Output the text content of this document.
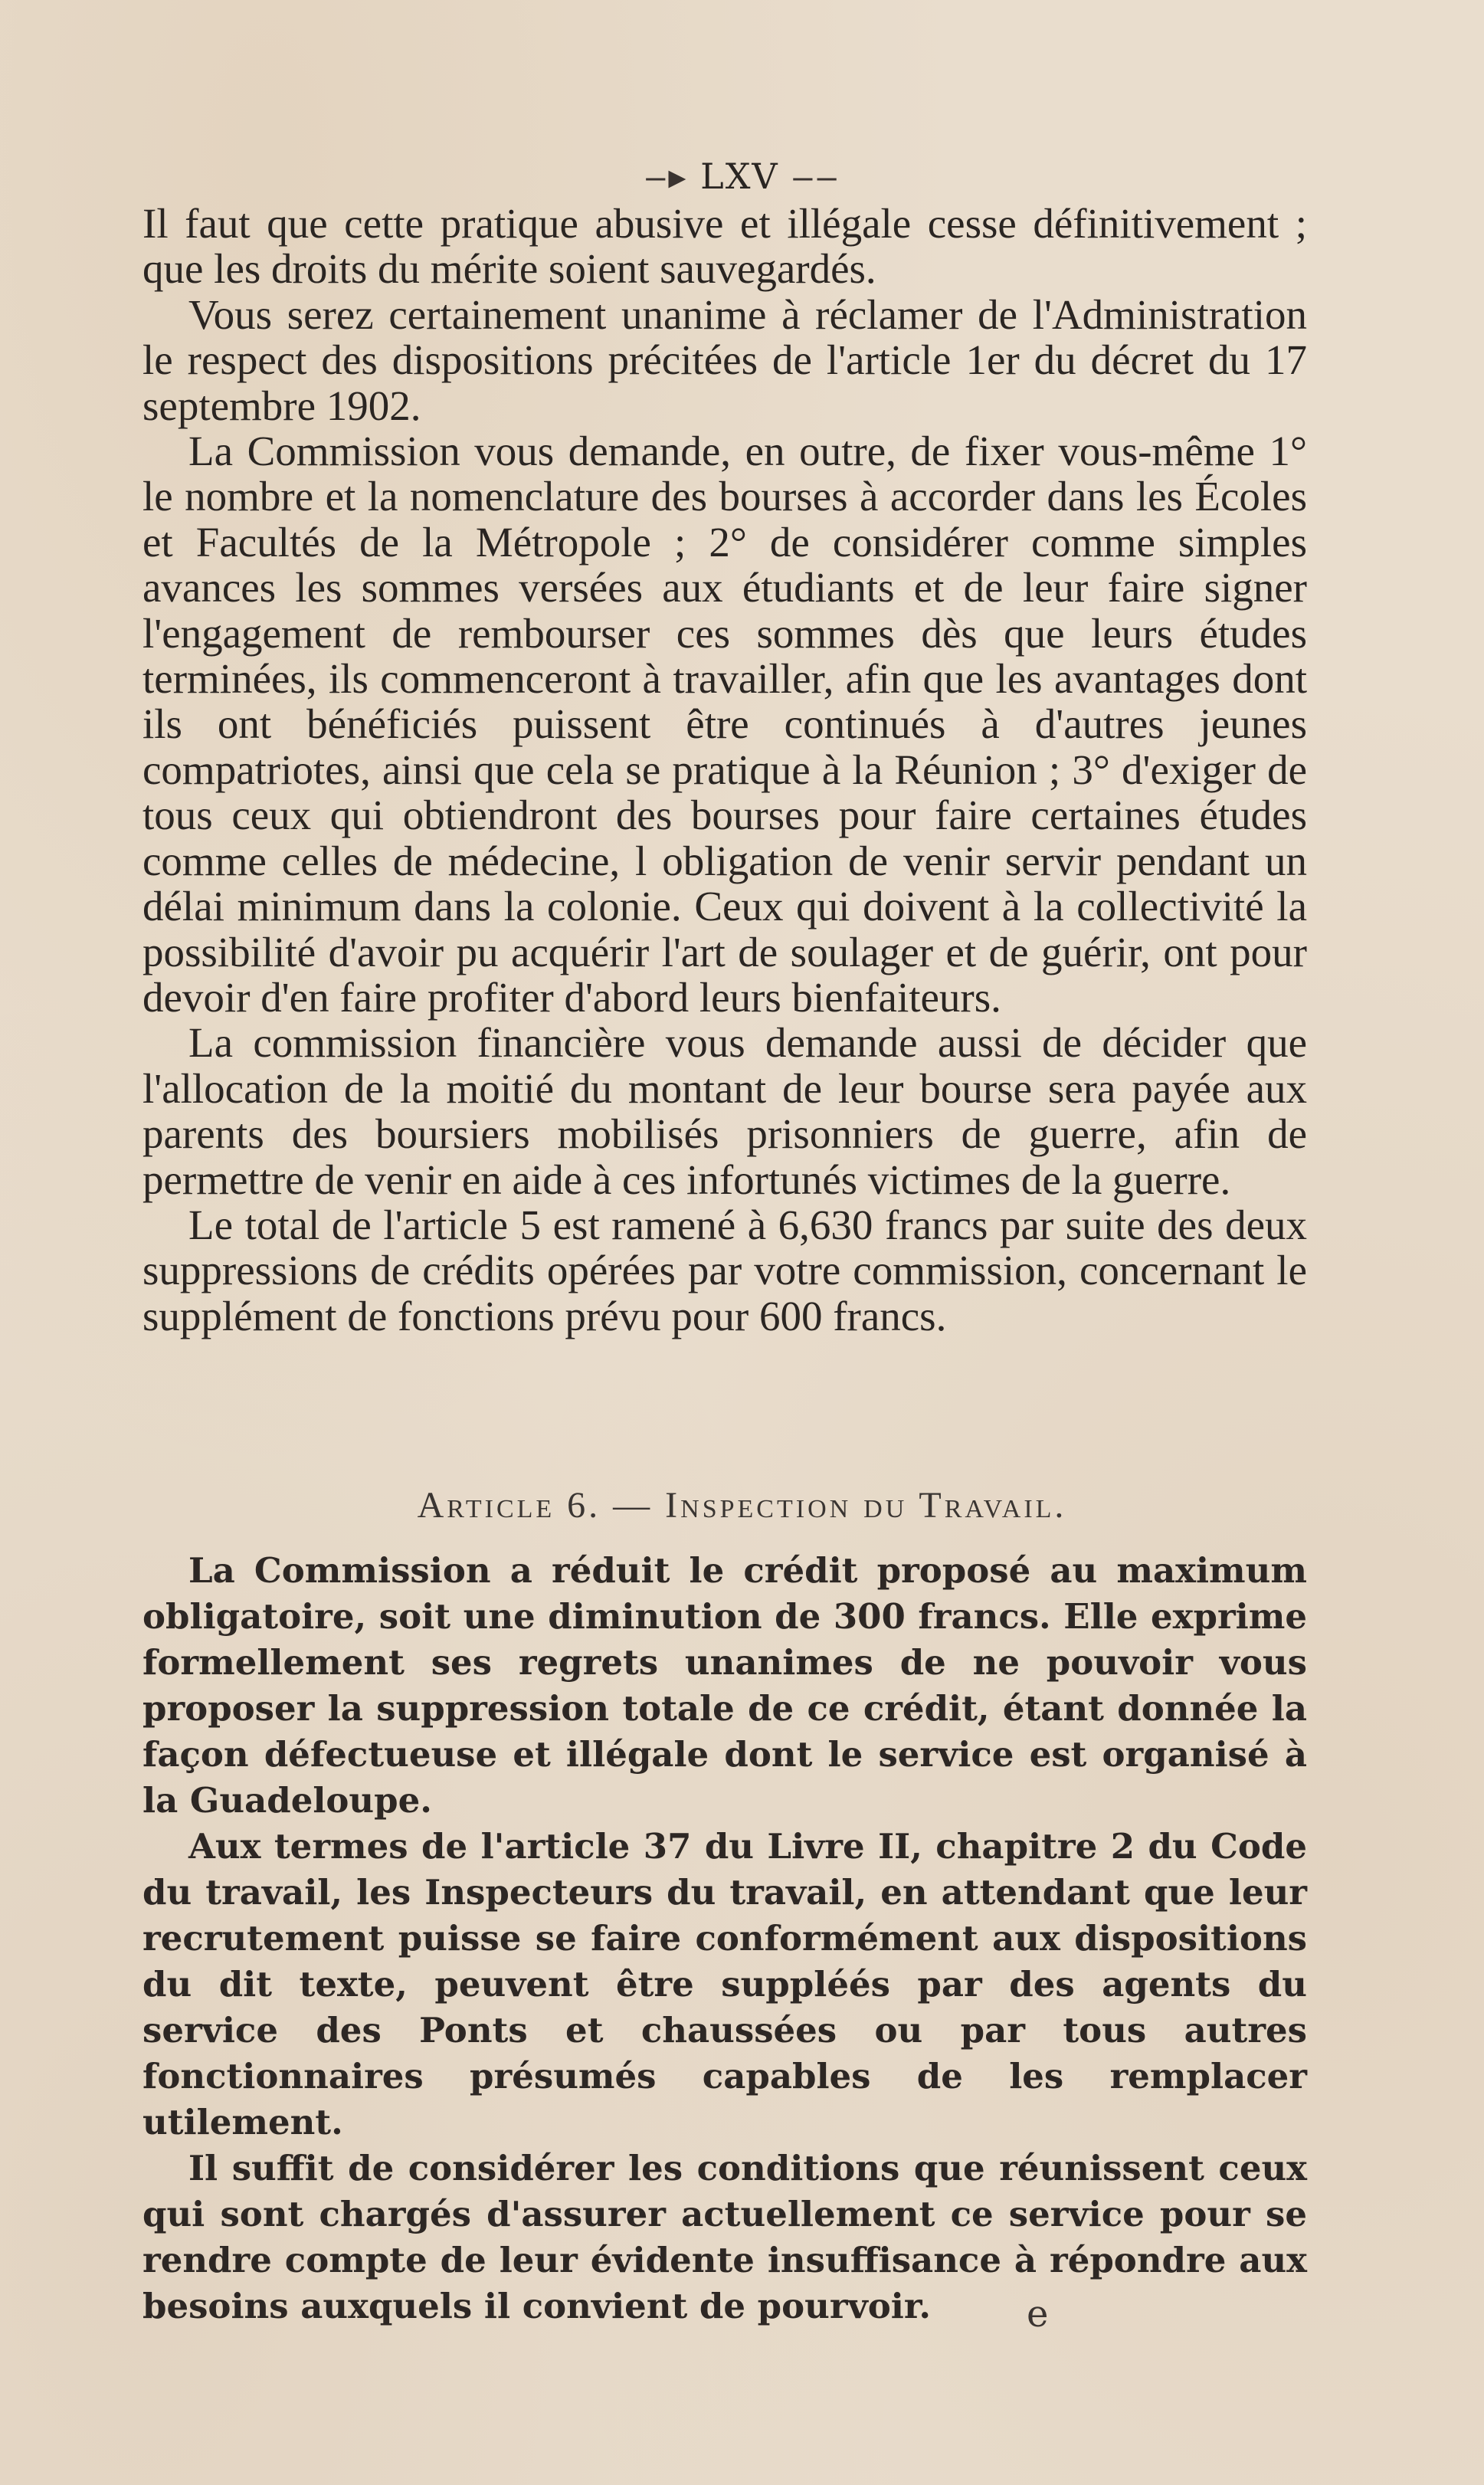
‒▸ LXV ‒‒

Il faut que cette pratique abusive et illégale cesse définitivement ; que les droits du mérite soient sauvegardés.

Vous serez certainement unanime à réclamer de l'Administration le respect des dispositions précitées de l'article 1er du décret du 17 septembre 1902.

La Commission vous demande, en outre, de fixer vous-même 1° le nombre et la nomenclature des bourses à accorder dans les Écoles et Facultés de la Métropole ; 2° de considérer comme simples avances les sommes versées aux étudiants et de leur faire signer l'engagement de rembourser ces sommes dès que leurs études terminées, ils commenceront à travailler, afin que les avantages dont ils ont bénéficiés puissent être continués à d'autres jeunes compatriotes, ainsi que cela se pratique à la Réunion ; 3° d'exiger de tous ceux qui obtiendront des bourses pour faire certaines études comme celles de médecine, l obligation de venir servir pendant un délai minimum dans la colonie. Ceux qui doivent à la collectivité la possibilité d'avoir pu acquérir l'art de soulager et de guérir, ont pour devoir d'en faire profiter d'abord leurs bienfaiteurs.

La commission financière vous demande aussi de décider que l'allocation de la moitié du montant de leur bourse sera payée aux parents des boursiers mobilisés prisonniers de guerre, afin de permettre de venir en aide à ces infortunés victimes de la guerre.

Le total de l'article 5 est ramené à 6,630 francs par suite des deux suppressions de crédits opérées par votre commission, concernant le supplément de fonctions prévu pour 600 francs.

Article 6. — Inspection du Travail.

La Commission a réduit le crédit proposé au maximum obligatoire, soit une diminution de 300 francs. Elle exprime formellement ses regrets unanimes de ne pouvoir vous proposer la suppression totale de ce crédit, étant donnée la façon défectueuse et illégale dont le service est organisé à la Guadeloupe.

Aux termes de l'article 37 du Livre II, chapitre 2 du Code du travail, les Inspecteurs du travail, en attendant que leur recrutement puisse se faire conformément aux dispositions du dit texte, peuvent être suppléés par des agents du service des Ponts et chaussées ou par tous autres fonctionnaires présumés capables de les remplacer utilement.

Il suffit de considérer les conditions que réunissent ceux qui sont chargés d'assurer actuellement ce service pour se rendre compte de leur évidente insuffisance à répondre aux besoins auxquels il convient de pourvoir.	e
